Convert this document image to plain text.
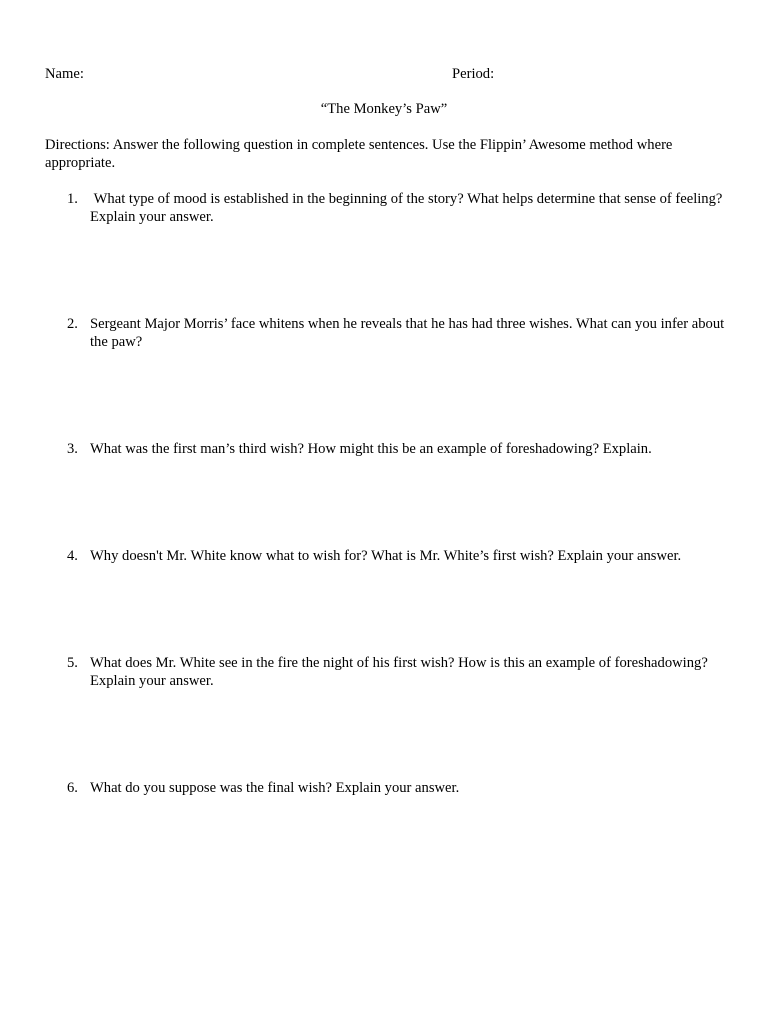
Name:	Period:
“The Monkey’s Paw”
Directions: Answer the following question in complete sentences. Use the Flippin’ Awesome method where appropriate.
1. What type of mood is established in the beginning of the story? What helps determine that sense of feeling? Explain your answer.
2. Sergeant Major Morris’ face whitens when he reveals that he has had three wishes. What can you infer about the paw?
3. What was the first man’s third wish? How might this be an example of foreshadowing? Explain.
4. Why doesn't Mr. White know what to wish for? What is Mr. White’s first wish? Explain your answer.
5. What does Mr. White see in the fire the night of his first wish? How is this an example of foreshadowing? Explain your answer.
6. What do you suppose was the final wish? Explain your answer.
